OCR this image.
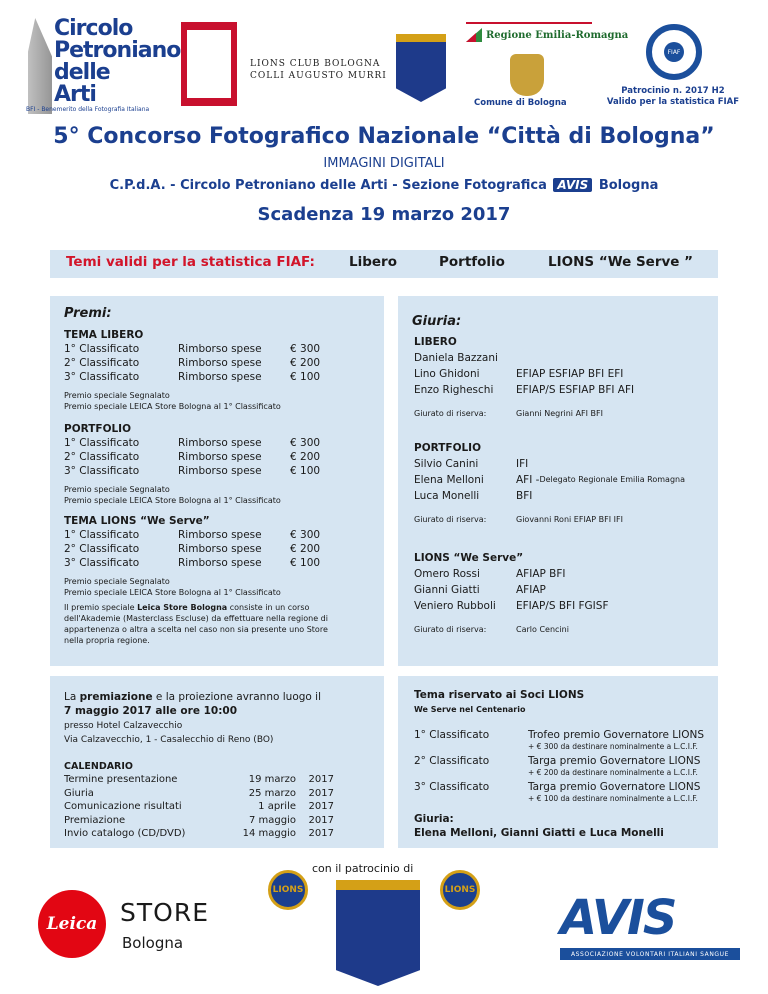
Circolo
Petroniano
delle
Arti
BFI - Benemerito della Fotografia Italiana
LIONS CLUB BOLOGNA
COLLI AUGUSTO MURRI
Regione Emilia-Romagna
Comune di Bologna
FIAF
Patrocinio n. 2017 H2
Valido per la statistica FIAF
5° Concorso Fotografico Nazionale “Città di Bologna”
IMMAGINI DIGITALI
C.P.d.A. - Circolo Petroniano delle Arti - Sezione Fotografica AVIS Bologna
Scadenza 19 marzo 2017
Temi validi per la statistica FIAF:	Libero	Portfolio	LIONS “We Serve ”
Premi:
TEMA LIBERO
1° Classificato	Rimborso spese	€ 300
2° Classificato	Rimborso spese	€ 200
3° Classificato	Rimborso spese	€ 100
Premio speciale Segnalato
Premio speciale LEICA Store Bologna al 1° Classificato
PORTFOLIO
1° Classificato	Rimborso spese	€ 300
2° Classificato	Rimborso spese	€ 200
3° Classificato	Rimborso spese	€ 100
Premio speciale Segnalato
Premio speciale LEICA Store Bologna al 1° Classificato
TEMA LIONS “We Serve”
1° Classificato	Rimborso spese	€ 300
2° Classificato	Rimborso spese	€ 200
3° Classificato	Rimborso spese	€ 100
Premio speciale Segnalato
Premio speciale LEICA Store Bologna al 1° Classificato
Il premio speciale Leica Store Bologna consiste in un corso dell'Akademie (Masterclass Escluse) da effettuare nella regione di appartenenza o altra a scelta nel caso non sia presente uno Store nella propria regione.
Giuria:
LIBERO
Daniela Bazzani
Lino Ghidoni	EFIAP ESFIAP BFI EFI
Enzo Righeschi	EFIAP/S ESFIAP BFI AFI
Giurato di riserva:	Gianni Negrini AFI BFI
PORTFOLIO
Silvio Canini	IFI
Elena Melloni	AFI - Delegato Regionale Emilia Romagna
Luca Monelli	BFI
Giurato di riserva:	Giovanni Roni EFIAP BFI IFI
LIONS “We Serve”
Omero Rossi	AFIAP BFI
Gianni Giatti	AFIAP
Veniero Rubboli	EFIAP/S BFI FGISF
Giurato di riserva:	Carlo Cencini
La premiazione e la proiezione avranno luogo il
7 maggio 2017 alle ore 10:00
presso Hotel Calzavecchio
Via Calzavecchio, 1 - Casalecchio di Reno (BO)
CALENDARIO
Termine presentazione	19 marzo	2017
Giuria	25 marzo	2017
Comunicazione risultati	1 aprile	2017
Premiazione	7 maggio	2017
Invio catalogo (CD/DVD)	14 maggio	2017
Tema riservato ai Soci LIONS
We Serve nel Centenario
1° Classificato	Trofeo premio Governatore LIONS
+ € 300 da destinare nominalmente a L.C.I.F.
2° Classificato	Targa premio Governatore LIONS
+ € 200 da destinare nominalmente a L.C.I.F.
3° Classificato	Targa premio Governatore LIONS
+ € 100 da destinare nominalmente a L.C.I.F.
Giuria:
Elena Melloni, Gianni Giatti e Luca Monelli
con il patrocinio di
Leica STORE
Bologna
LIONS	LIONS AVIS
ASSOCIAZIONE VOLONTARI ITALIANI SANGUE
